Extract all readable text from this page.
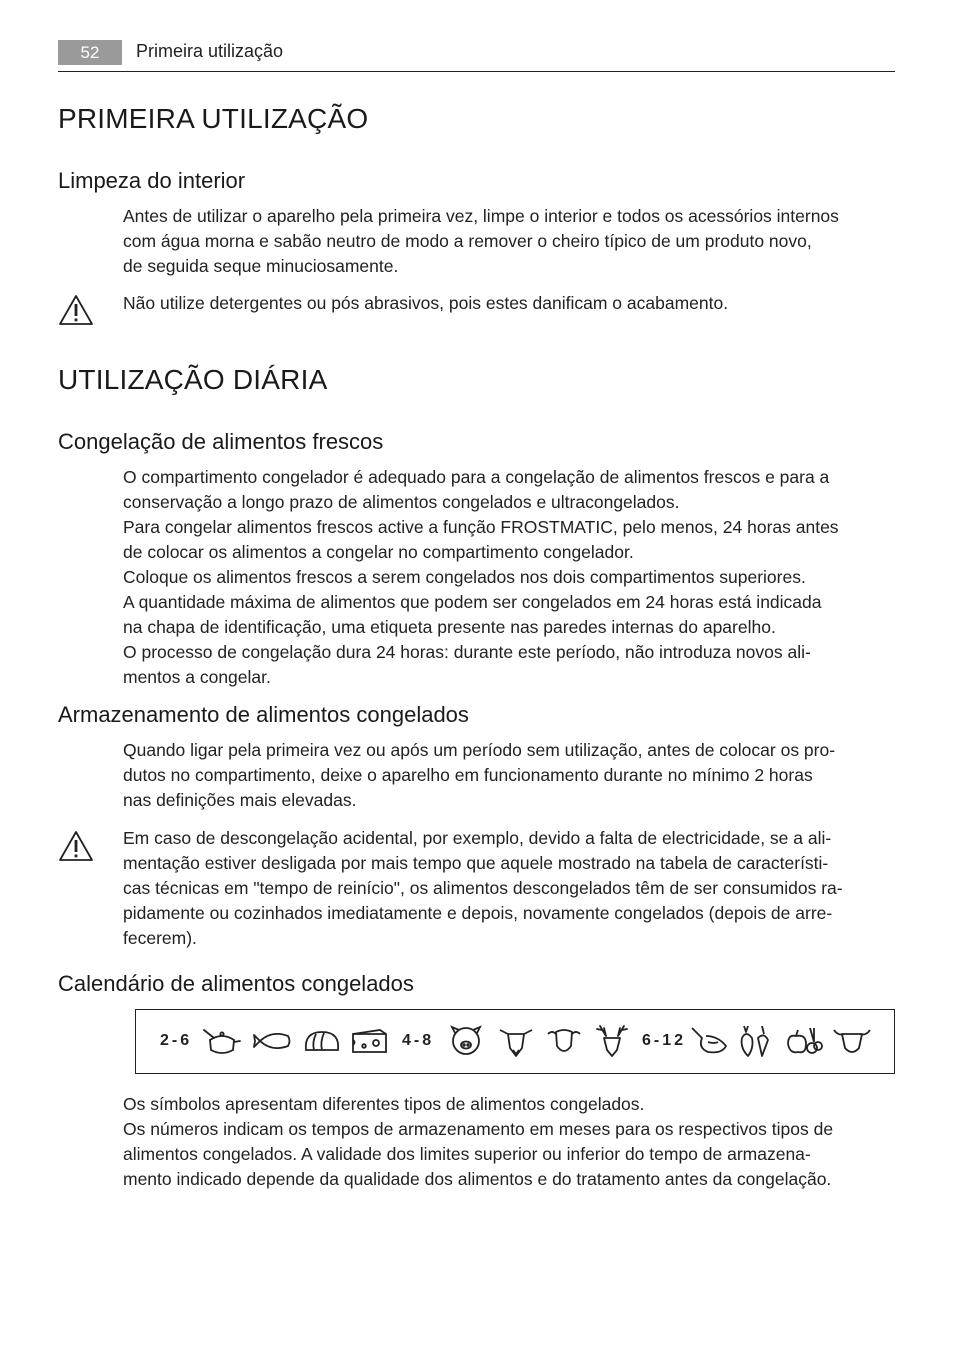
52	Primeira utilização
PRIMEIRA UTILIZAÇÃO
Limpeza do interior
Antes de utilizar o aparelho pela primeira vez, limpe o interior e todos os acessórios internos
com água morna e sabão neutro de modo a remover o cheiro típico de um produto novo,
de seguida seque minuciosamente.
Não utilize detergentes ou pós abrasivos, pois estes danificam o acabamento.
UTILIZAÇÃO DIÁRIA
Congelação de alimentos frescos
O compartimento congelador é adequado para a congelação de alimentos frescos e para a
conservação a longo prazo de alimentos congelados e ultracongelados.
Para congelar alimentos frescos active a função FROSTMATIC, pelo menos, 24 horas antes
de colocar os alimentos a congelar no compartimento congelador.
Coloque os alimentos frescos a serem congelados nos dois compartimentos superiores.
A quantidade máxima de alimentos que podem ser congelados em 24 horas está indicada
na chapa de identificação, uma etiqueta presente nas paredes internas do aparelho.
O processo de congelação dura 24 horas: durante este período, não introduza novos ali-
mentos a congelar.
Armazenamento de alimentos congelados
Quando ligar pela primeira vez ou após um período sem utilização, antes de colocar os pro-
dutos no compartimento, deixe o aparelho em funcionamento durante no mínimo 2 horas
nas definições mais elevadas.
Em caso de descongelação acidental, por exemplo, devido a falta de electricidade, se a ali-
mentação estiver desligada por mais tempo que aquele mostrado na tabela de característi-
cas técnicas em "tempo de reinício", os alimentos descongelados têm de ser consumidos ra-
pidamente ou cozinhados imediatamente e depois, novamente congelados (depois de arre-
fecerem).
Calendário de alimentos congelados
2-6	4-8	6-12
Os símbolos apresentam diferentes tipos de alimentos congelados.
Os números indicam os tempos de armazenamento em meses para os respectivos tipos de
alimentos congelados. A validade dos limites superior ou inferior do tempo de armazena-
mento indicado depende da qualidade dos alimentos e do tratamento antes da congelação.
